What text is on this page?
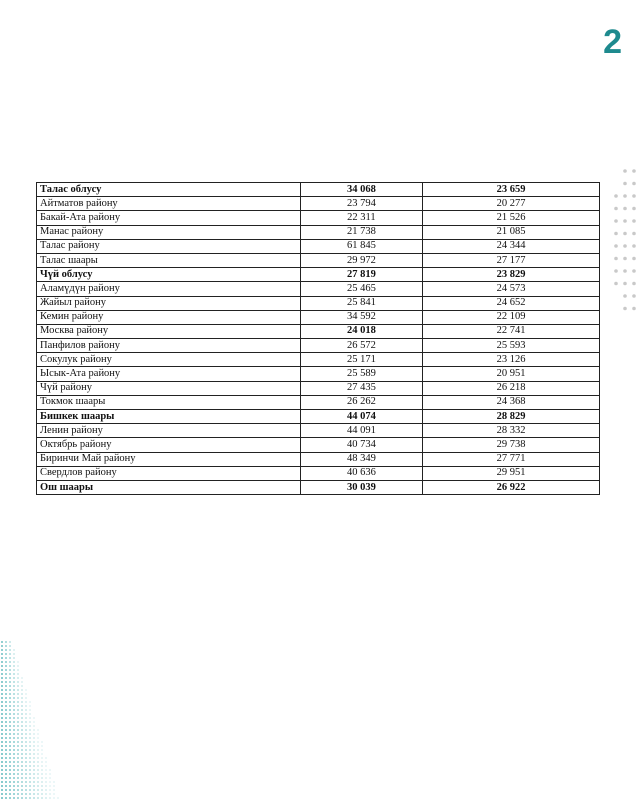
2
Талас облусу	34 068	23 659
Айтматов району	23 794	20 277
Бакай-Ата району	22 311	21 526
Манас району	21 738	21 085
Талас району	61 845	24 344
Талас шаары	29 972	27 177
Чүй облусу	27 819	23 829
Аламүдүн району	25 465	24 573
Жайыл району	25 841	24 652
Кемин району	34 592	22 109
Москва району	24 018	22 741
Панфилов району	26 572	25 593
Сокулук району	25 171	23 126
Ысык-Ата району	25 589	20 951
Чүй району	27 435	26 218
Токмок шаары	26 262	24 368
Бишкек шаары	44 074	28 829
Ленин району	44 091	28 332
Октябрь району	40 734	29 738
Биринчи Май району	48 349	27 771
Свердлов району	40 636	29 951
Ош шаары	30 039	26 922
